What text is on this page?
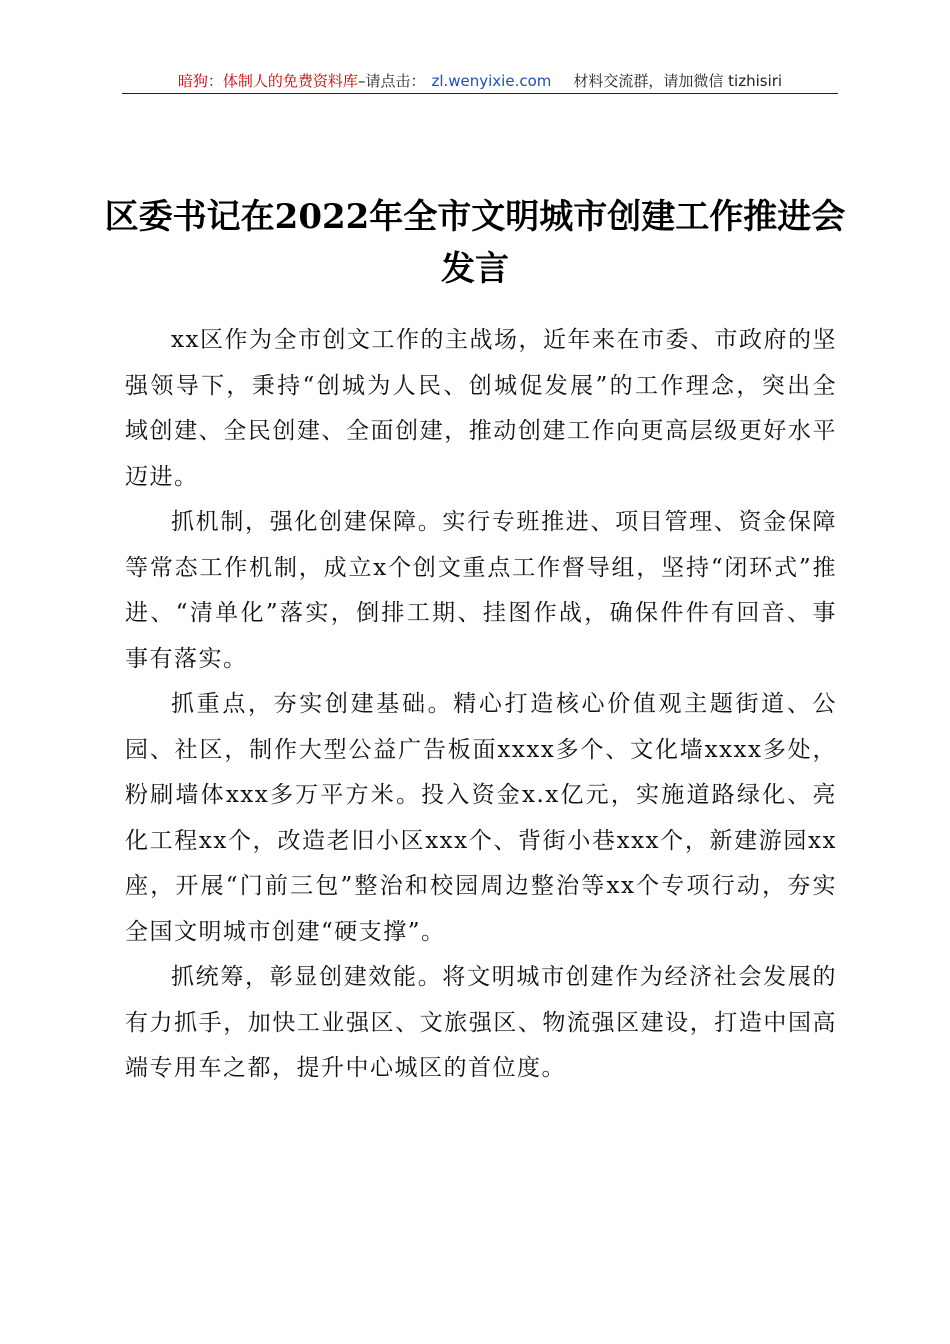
暗狗：体制人的免费资料库–请点击： zl.wenyixie.com 材料交流群，请加微信 tizhisiri
区委书记在2022年全市文明城市创建工作推进会发言

xx区作为全市创文工作的主战场，近年来在市委、市政府的坚强领导下，秉持“创城为人民、创城促发展”的工作理念，突出全域创建、全民创建、全面创建，推动创建工作向更高层级更好水平迈进。

抓机制，强化创建保障。实行专班推进、项目管理、资金保障等常态工作机制，成立x个创文重点工作督导组，坚持“闭环式”推进、“清单化”落实，倒排工期、挂图作战，确保件件有回音、事事有落实。

抓重点，夯实创建基础。精心打造核心价值观主题街道、公园、社区，制作大型公益广告板面xxxx多个、文化墙xxxx多处，粉刷墙体xxx多万平方米。投入资金x.x亿元，实施道路绿化、亮化工程xx个，改造老旧小区xxx个、背街小巷xxx个，新建游园xx座，开展“门前三包”整治和校园周边整治等xx个专项行动，夯实全国文明城市创建“硬支撑”。

抓统筹，彰显创建效能。将文明城市创建作为经济社会发展的有力抓手，加快工业强区、文旅强区、物流强区建设，打造中国高端专用车之都，提升中心城区的首位度。
